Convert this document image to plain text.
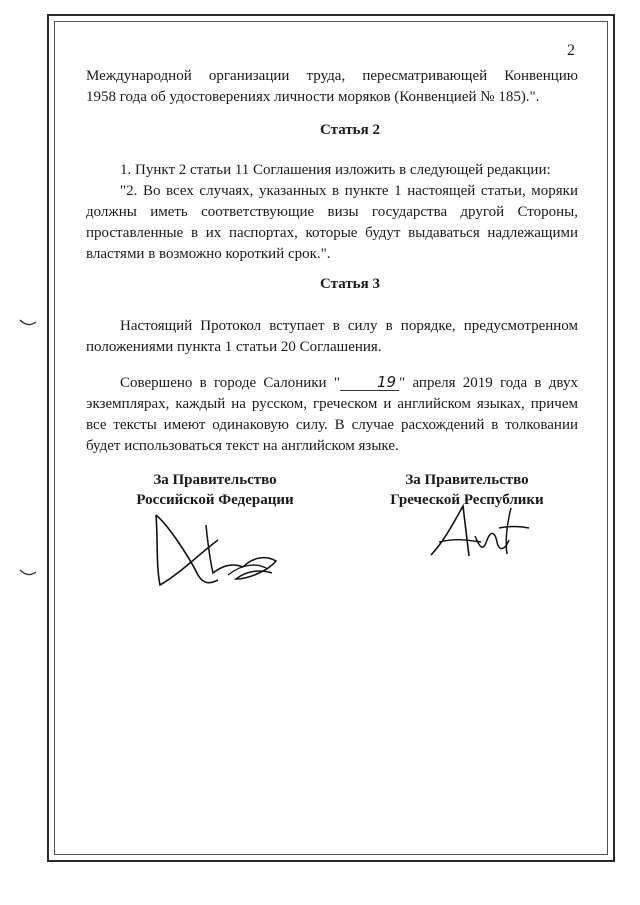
2
Международной организации труда, пересматривающей Конвенцию
1958 года об удостоверениях личности моряков (Конвенцией № 185).".
Статья 2
1. Пункт 2 статьи 11 Соглашения изложить в следующей редакции:
"2. Во всех случаях, указанных в пункте 1 настоящей статьи, моряки
должны иметь соответствующие визы государства другой Стороны,
проставленные в их паспортах, которые будут выдаваться надлежащими
властями в возможно короткий срок.".
Статья 3
Настоящий Протокол вступает в силу в порядке, предусмотренном
положениями пункта 1 статьи 20 Соглашения.
Совершено в городе Салоники " 19 " апреля 2019 года в двух
экземплярах, каждый на русском, греческом и английском языках, причем
все тексты имеют одинаковую силу. В случае расхождений в толковании
будет использоваться текст на английском языке.
За Правительство
Российской Федерации
За Правительство
Греческой Республики
